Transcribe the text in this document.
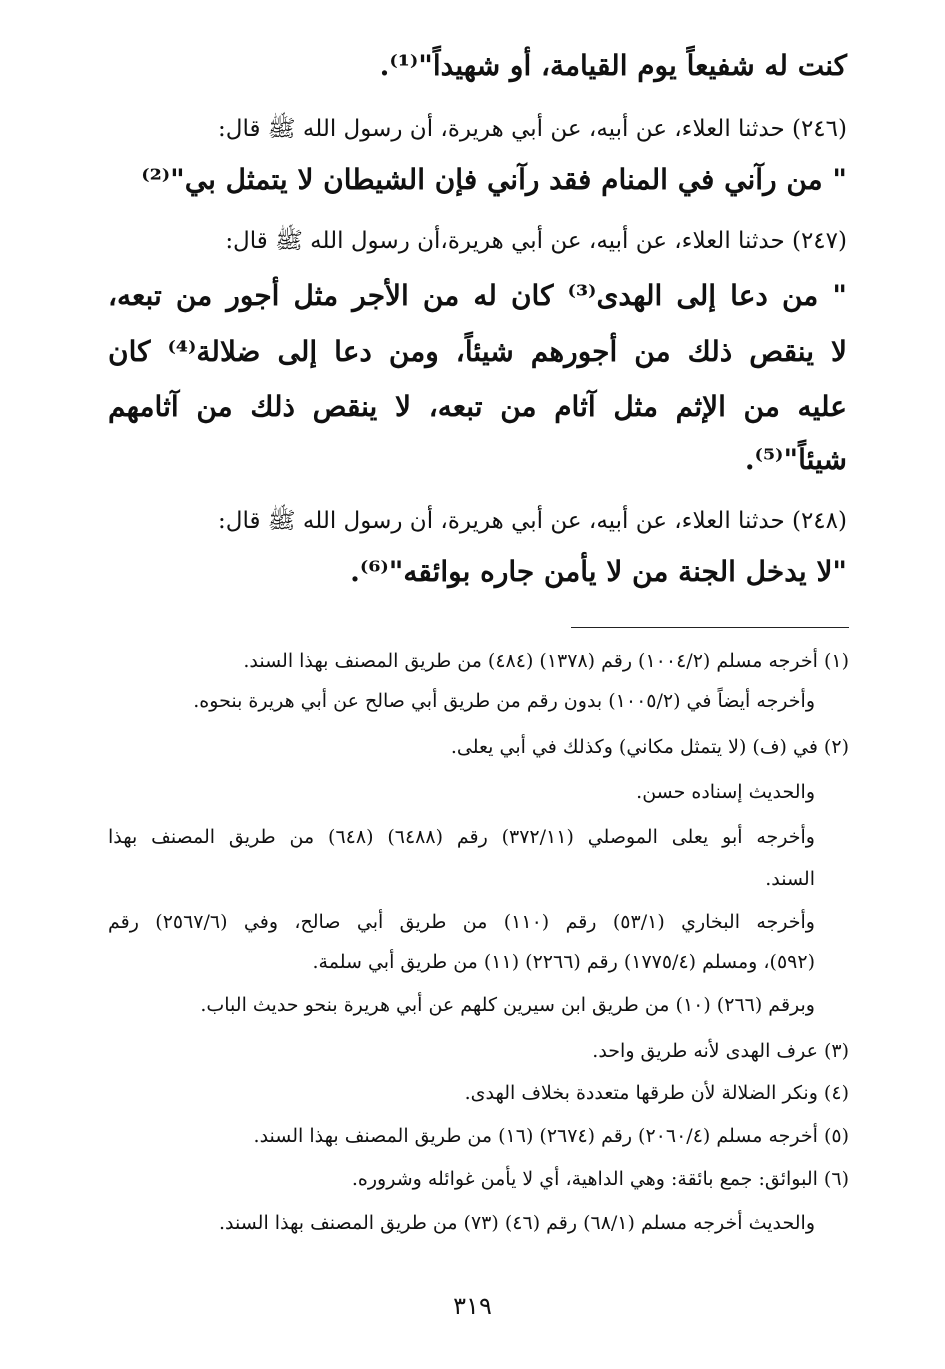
كنت له شفيعاً يوم القيامة، أو شهيداً"⁽¹⁾.
(٢٤٦) حدثنا العلاء، عن أبيه، عن أبي هريرة، أن رسول الله ﷺ قال:
" من رآني في المنام فقد رآني فإن الشيطان لا يتمثل بي"⁽²⁾
(٢٤٧) حدثنا العلاء، عن أبيه، عن أبي هريرة،أن رسول الله ﷺ قال:
" من دعا إلى الهدى⁽³⁾ كان له من الأجر مثل أجور من تبعه،
لا ينقص ذلك من أجورهم شيئاً، ومن دعا إلى ضلالة⁽⁴⁾ كان
عليه من الإثم مثل آثام من تبعه، لا ينقص ذلك من آثامهم
شيئاً"⁽⁵⁾.
(٢٤٨) حدثنا العلاء، عن أبيه، عن أبي هريرة، أن رسول الله ﷺ قال:
"لا يدخل الجنة من لا يأمن جاره بوائقه"⁽⁶⁾.
(١) أخرجه مسلم (١٠٠٤/٢) رقم (١٣٧٨) (٤٨٤) من طريق المصنف بهذا السند.
وأخرجه أيضاً في (١٠٠٥/٢) بدون رقم من طريق أبي صالح عن أبي هريرة بنحوه.
(٢) في (ف) (لا يتمثل مكاني) وكذلك في أبي يعلى.
والحديث إسناده حسن.
وأخرجه أبو يعلى الموصلي (٣٧٢/١١) رقم (٦٤٨٨) (٦٤٨) من طريق المصنف بهذا
السند.
وأخرجه البخاري (٥٣/١) رقم (١١٠) من طريق أبي صالح، وفي (٢٥٦٧/٦) رقم
(٥٩٢)، ومسلم (١٧٧٥/٤) رقم (٢٢٦٦) (١١) من طريق أبي سلمة.
وبرقم (٢٦٦) (١٠) من طريق ابن سيرين كلهم عن أبي هريرة بنحو حديث الباب.
(٣) عرف الهدى لأنه طريق واحد.
(٤) ونكر الضلالة لأن طرقها متعددة بخلاف الهدى.
(٥) أخرجه مسلم (٢٠٦٠/٤) رقم (٢٦٧٤) (١٦) من طريق المصنف بهذا السند.
(٦) البوائق: جمع بائقة: وهي الداهية، أي لا يأمن غوائله وشروره.
والحديث أخرجه مسلم (٦٨/١) رقم (٤٦) (٧٣) من طريق المصنف بهذا السند.
٣١٩
